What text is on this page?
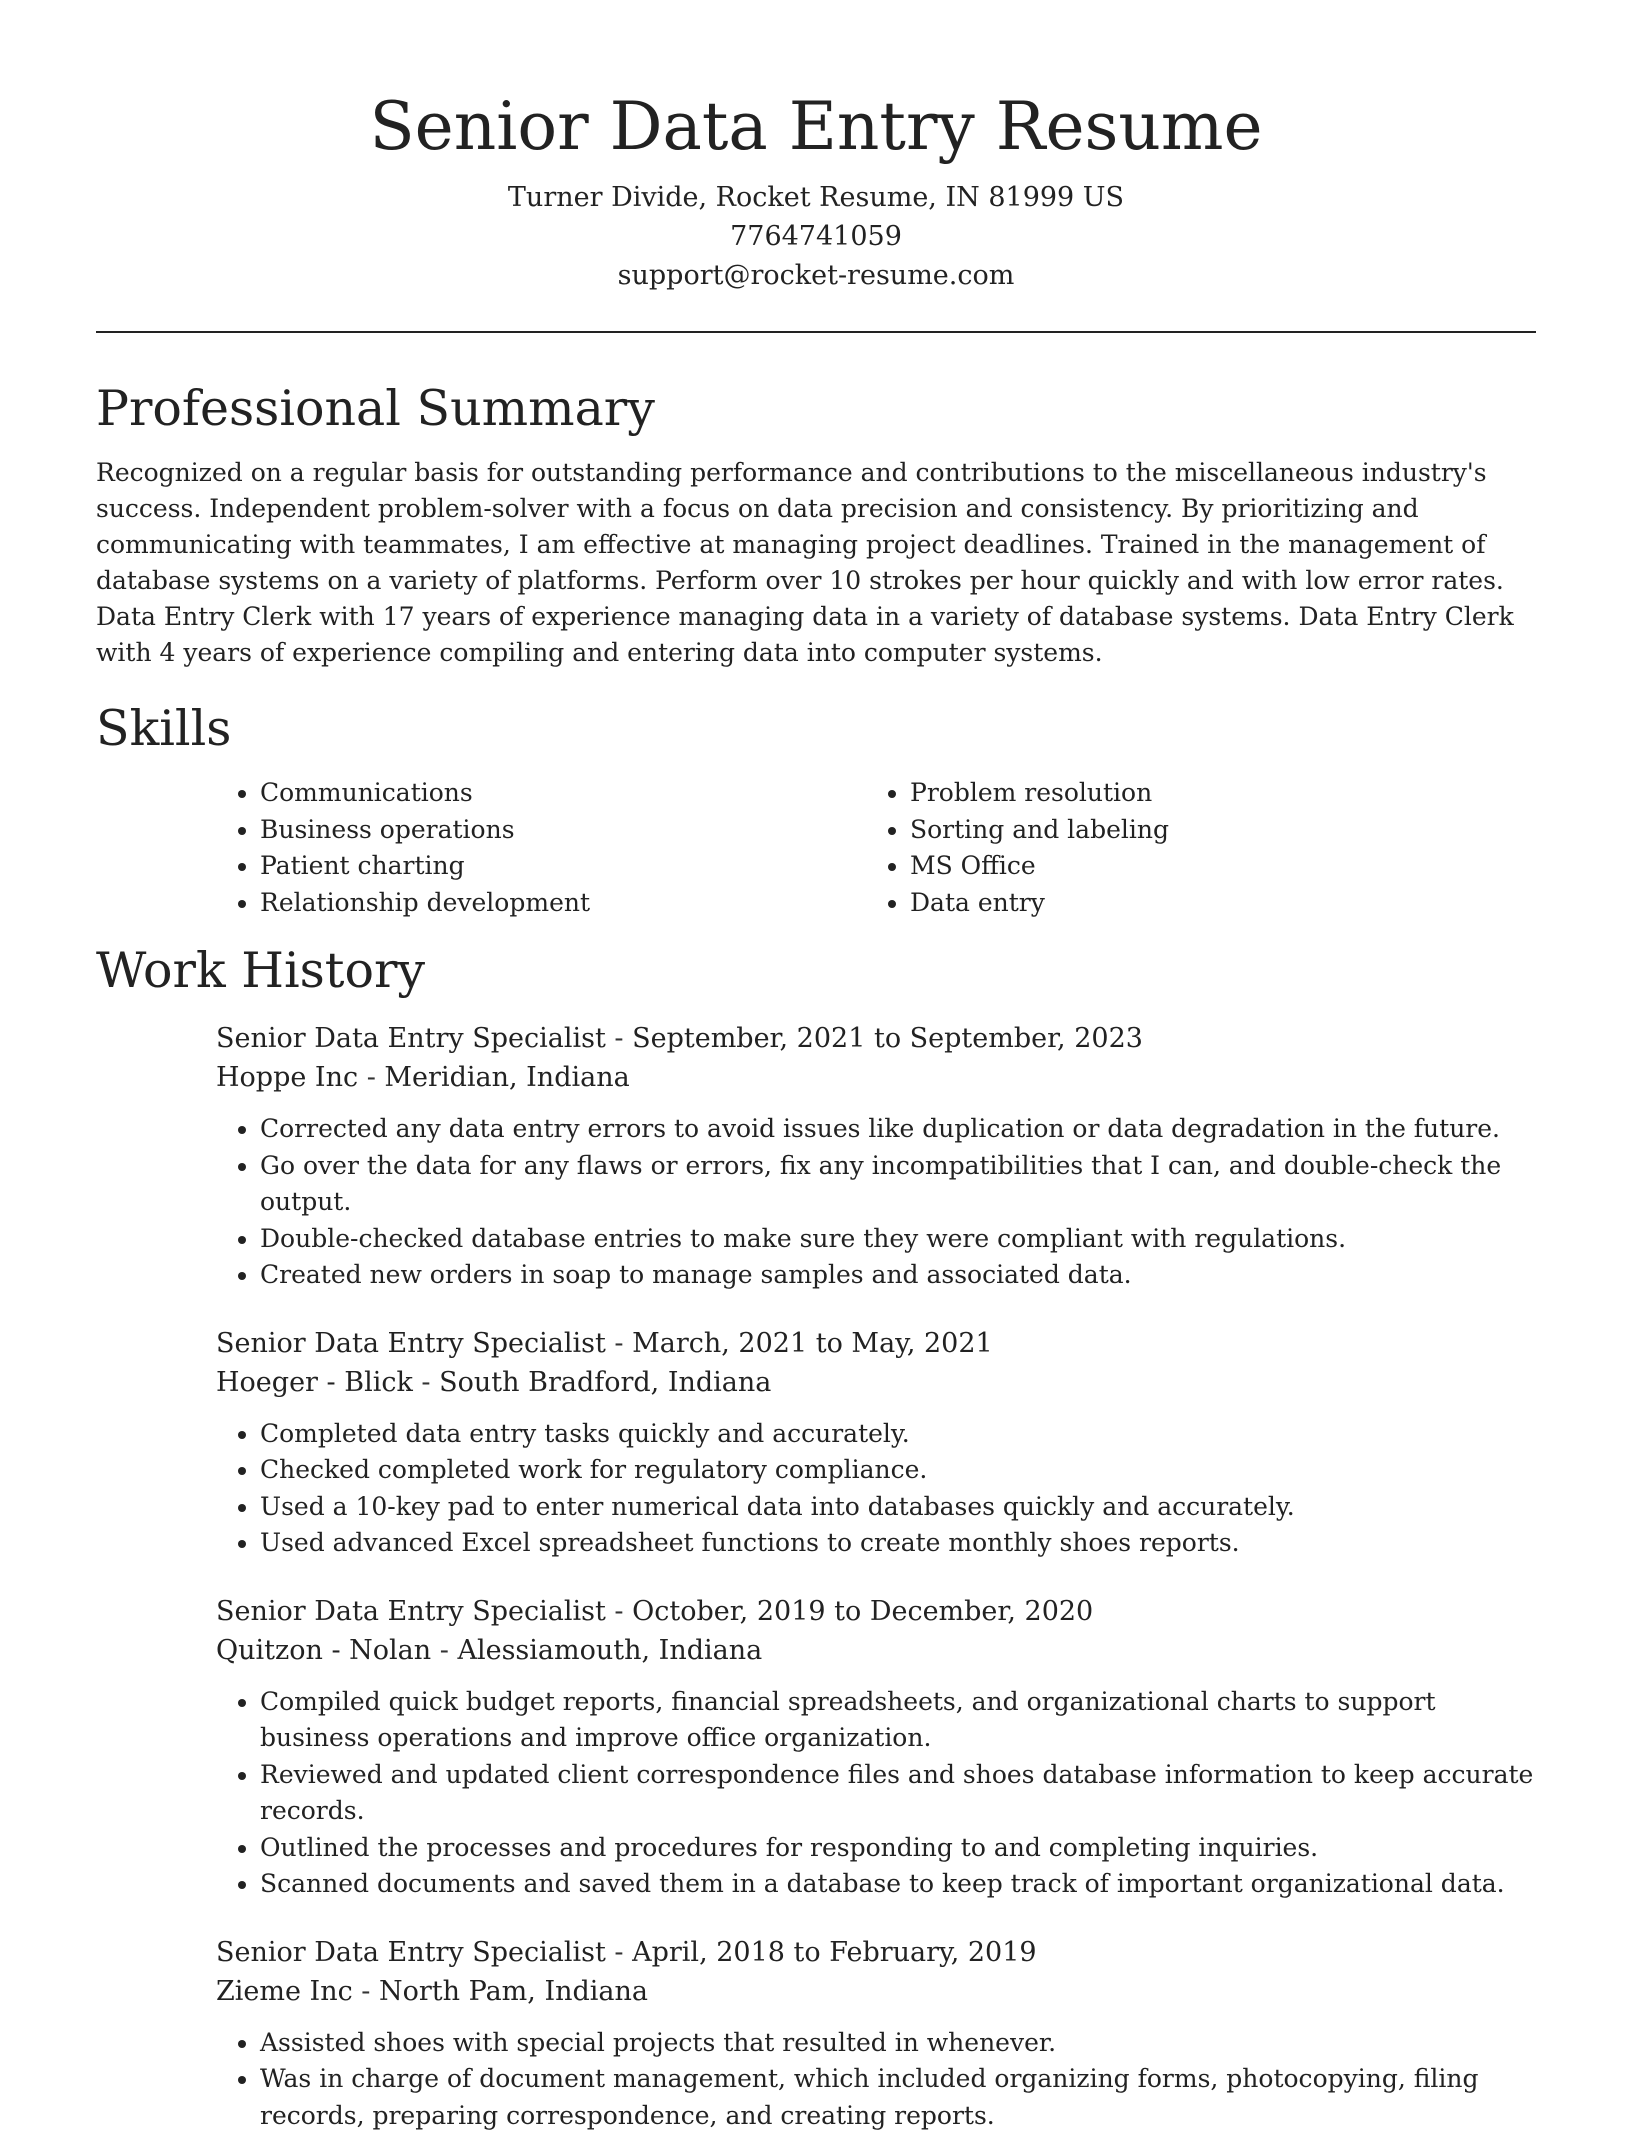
Senior Data Entry Resume
Turner Divide, Rocket Resume, IN 81999 US
7764741059
support@rocket-resume.com
Professional Summary

Recognized on a regular basis for outstanding performance and contributions to the miscellaneous industry's success. Independent problem-solver with a focus on data precision and consistency. By prioritizing and communicating with teammates, I am effective at managing project deadlines. Trained in the management of database systems on a variety of platforms. Perform over 10 strokes per hour quickly and with low error rates. Data Entry Clerk with 17 years of experience managing data in a variety of database systems. Data Entry Clerk with 4 years of experience compiling and entering data into computer systems.

Skills
• Communications
• Business operations
• Patient charting
• Relationship development
• Problem resolution
• Sorting and labeling
• MS Office
• Data entry
Work History
Senior Data Entry Specialist - September, 2021 to September, 2023
Hoppe Inc - Meridian, Indiana
• Corrected any data entry errors to avoid issues like duplication or data degradation in the future.
• Go over the data for any flaws or errors, fix any incompatibilities that I can, and double-check the output.
• Double-checked database entries to make sure they were compliant with regulations.
• Created new orders in soap to manage samples and associated data.
Senior Data Entry Specialist - March, 2021 to May, 2021
Hoeger - Blick - South Bradford, Indiana
• Completed data entry tasks quickly and accurately.
• Checked completed work for regulatory compliance.
• Used a 10-key pad to enter numerical data into databases quickly and accurately.
• Used advanced Excel spreadsheet functions to create monthly shoes reports.
Senior Data Entry Specialist - October, 2019 to December, 2020
Quitzon - Nolan - Alessiamouth, Indiana
• Compiled quick budget reports, financial spreadsheets, and organizational charts to support business operations and improve office organization.
• Reviewed and updated client correspondence files and shoes database information to keep accurate records.
• Outlined the processes and procedures for responding to and completing inquiries.
• Scanned documents and saved them in a database to keep track of important organizational data.
Senior Data Entry Specialist - April, 2018 to February, 2019
Zieme Inc - North Pam, Indiana
• Assisted shoes with special projects that resulted in whenever.
• Was in charge of document management, which included organizing forms, photocopying, filing records, preparing correspondence, and creating reports.
